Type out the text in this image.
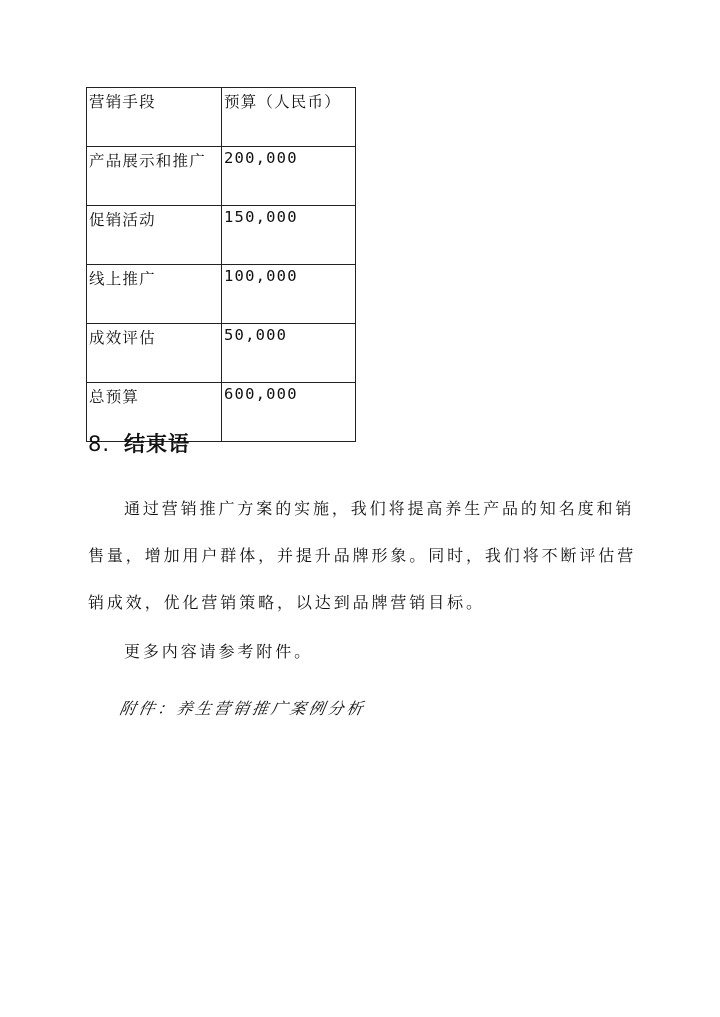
营销手段	预算（人民币）
产品展示和推广	200,000
促销活动	150,000
线上推广	100,000
成效评估	50,000
总预算	600,000
8. 结束语

通过营销推广方案的实施，我们将提高养生产品的知名度和销售量，增加用户群体，并提升品牌形象。同时，我们将不断评估营销成效，优化营销策略，以达到品牌营销目标。

更多内容请参考附件。

附件：养生营销推广案例分析
